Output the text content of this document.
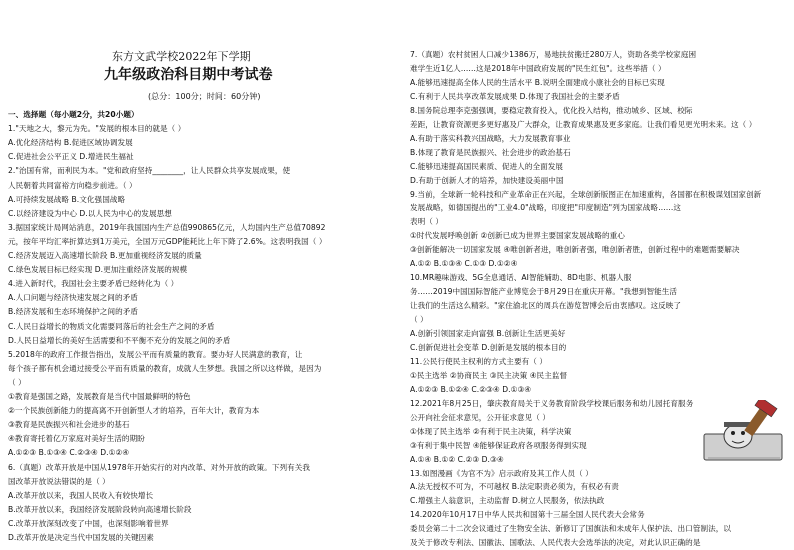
东方文武学校2022年下学期
九年级政治科目期中考试卷
(总分：100分；时间：60分钟)
一、选择题（每小题2分，共20小题）
1."天地之大，黎元为先。"发展的根本目的就是（ ）
A.优化经济结构 B.促进区域协调发展
C.促进社会公平正义 D.增进民生福祉
2."治国有常，而利民为本。"党和政府坚持________，让人民群众共享发展成果，使
人民朝着共同富裕方向稳步前进。（ ）
A.可持续发展战略 B.文化强国战略
C.以经济建设为中心 D.以人民为中心的发展思想
3.据国家统计局网站消息，2019年我国国内生产总值990865亿元，人均国内生产总值70892
元，按年平均汇率折算达到1万美元，全国万元GDP能耗比上年下降了2.6%。这表明我国（ ）
C.经济发展迈入高速增长阶段 B.更加重视经济发展的质量
C.绿色发展目标已经实现 D.更加注重经济发展的规模
4.进入新时代，我国社会主要矛盾已经转化为（ ）
A.人口问题与经济快速发展之间的矛盾
B.经济发展和生态环境保护之间的矛盾
C.人民日益增长的物质文化需要同落后的社会生产之间的矛盾
D.人民日益增长的美好生活需要和不平衡不充分的发展之间的矛盾
5.2018年的政府工作报告指出，发展公平而有质量的教育。要办好人民满意的教育，让
每个孩子都有机会通过接受公平而有质量的教育，成就人生梦想。我国之所以这样做，是因为
（ ）
①教育是强国之路，发展教育是当代中国最鲜明的特色
②一个民族创新能力的提高离不开创新型人才的培养，百年大计，教育为本
③教育是民族振兴和社会进步的基石
④教育寄托着亿万家庭对美好生活的期盼
A.①②③ B.①③④ C.②③④ D.①②④
6.（真题）改革开放是中国从1978年开始实行的对内改革、对外开放的政策。下列有关我
国改革开放说法错误的是（ ）
A.改革开放以来，我国人民收入有较快增长
B.改革开放以来，我国经济发展阶段转向高速增长阶段
C.改革开放深刻改变了中国，也深刻影响着世界
D.改革开放是决定当代中国发展的关键因素
7.（真题）农村贫困人口减少1386万，易地扶贫搬迁280万人，资助各类学校家庭困
难学生近1亿人……这是2018年中国政府发展的"民生红包"。这些举措（ ）
A.能够迅速提高全体人民的生活水平 B.说明全面建成小康社会的目标已实现
C.有利于人民共享改革发展成果 D.体现了我国社会的主要矛盾
8.国务院总理李克强强调，要稳定教育投入，优化投入结构，推动城乡、区域、校际
差距，让教育资源更多更好惠及广大群众，让教育成果惠及更多家庭。让我们看见更光明未来。这（ ）
A.有助于落实科教兴国战略，大力发展教育事业
B.体现了教育是民族振兴、社会进步的政治基石
C.能够迅速提高国民素质、促进人的全面发展
D.有助于创新人才的培养，加快建设美丽中国
9.当前，全球新一轮科技和产业革命正在兴起，全球创新版图正在加速重构，各国都在积极谋划国家创新
发展战略，如德国提出的"工业4.0"战略，印度把"印度制造"列为国家战略……这
表明（ ）
①时代发展呼唤创新 ②创新已成为世界主要国家发展战略的重心
③创新能解决一切国家发展 ④唯创新者进，唯创新者强，唯创新者胜，创新过程中的难题需要解决
A.①② B.①③④ C.①③ D.①②④
10.MR趣味游戏、5G全息通话、AI智能辅助、8D电影、机器人服
务……2019中国国际智能产业博览会于8月29日在重庆开幕。"我想到智能生活
让我们的生活这么精彩。"家住渝北区的周兵在游览智博会后由衷感叹。这反映了
（ ）
A.创新引领国家走向富强 B.创新让生活更美好
C.创新促进社会变革 D.创新是发展的根本目的
11.公民行使民主权利的方式主要有（ ）
①民主选举 ②协商民主 ③民主决策 ④民主监督
A.①②③ B.①②④ C.②③④ D.①③④
12.2021年8月25日，肇庆教育局关于义务教育阶段学校课后服务和幼儿园托育服务
公开向社会征求意见，公开征求意见（ ）
①体现了民主选举 ②有利于民主决策，科学决策
③有利于集中民智 ④能够保证政府各项服务得到实现
A.①④ B.①② C.②③ D.③④
13.如图漫画《为官不为》启示政府及其工作人员（ ）
A.法无授权不可为，不可越权 B.法定职责必须为，有权必有责
C.增强主人翁意识，主动监督 D.树立人民服务，依法执政
14.2020年10月17日中华人民共和国第十三届全国人民代表大会常务
委员会第二十二次会议通过了生物安全法、新修订了国旗法和未成年人保护法、出口管制法，以
及关于修改专利法、国徽法、国歌法、人民代表大会选举法的决定，对此认识正确的是
